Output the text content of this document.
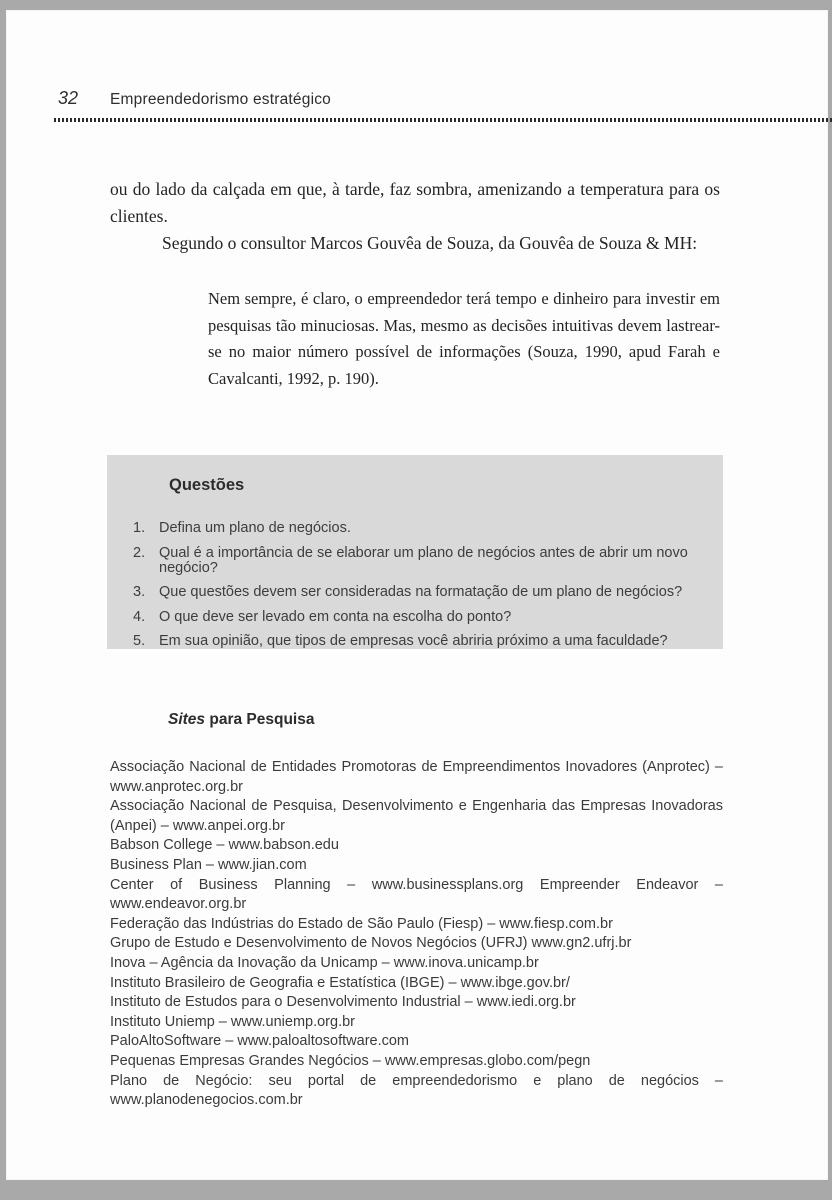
32 Empreendedorismo estratégico
ou do lado da calçada em que, à tarde, faz sombra, amenizando a temperatura para os clientes.
Segundo o consultor Marcos Gouvêa de Souza, da Gouvêa de Souza & MH:
Nem sempre, é claro, o empreendedor terá tempo e dinheiro para investir em pesquisas tão minuciosas. Mas, mesmo as decisões intuitivas devem lastrear-se no maior número possível de informações (Souza, 1990, apud Farah e Cavalcanti, 1992, p. 190).
Questões
Defina um plano de negócios.
Qual é a importância de se elaborar um plano de negócios antes de abrir um novo negócio?
Que questões devem ser consideradas na formatação de um plano de negócios?
O que deve ser levado em conta na escolha do ponto?
Em sua opinião, que tipos de empresas você abriria próximo a uma faculdade?
Sites para Pesquisa
Associação Nacional de Entidades Promotoras de Empreendimentos Inovadores (Anprotec) – www.anprotec.org.br
Associação Nacional de Pesquisa, Desenvolvimento e Engenharia das Empresas Inovadoras (Anpei) – www.anpei.org.br
Babson College – www.babson.edu
Business Plan – www.jian.com
Center of Business Planning – www.businessplans.org Empreender Endeavor – www.endeavor.org.br
Federação das Indústrias do Estado de São Paulo (Fiesp) – www.fiesp.com.br
Grupo de Estudo e Desenvolvimento de Novos Negócios (UFRJ) www.gn2.ufrj.br
Inova – Agência da Inovação da Unicamp – www.inova.unicamp.br
Instituto Brasileiro de Geografia e Estatística (IBGE) – www.ibge.gov.br/
Instituto de Estudos para o Desenvolvimento Industrial – www.iedi.org.br
Instituto Uniemp – www.uniemp.org.br
PaloAltoSoftware – www.paloaltosoftware.com
Pequenas Empresas Grandes Negócios – www.empresas.globo.com/pegn
Plano de Negócio: seu portal de empreendedorismo e plano de negócios – www.planodenegocios.com.br
